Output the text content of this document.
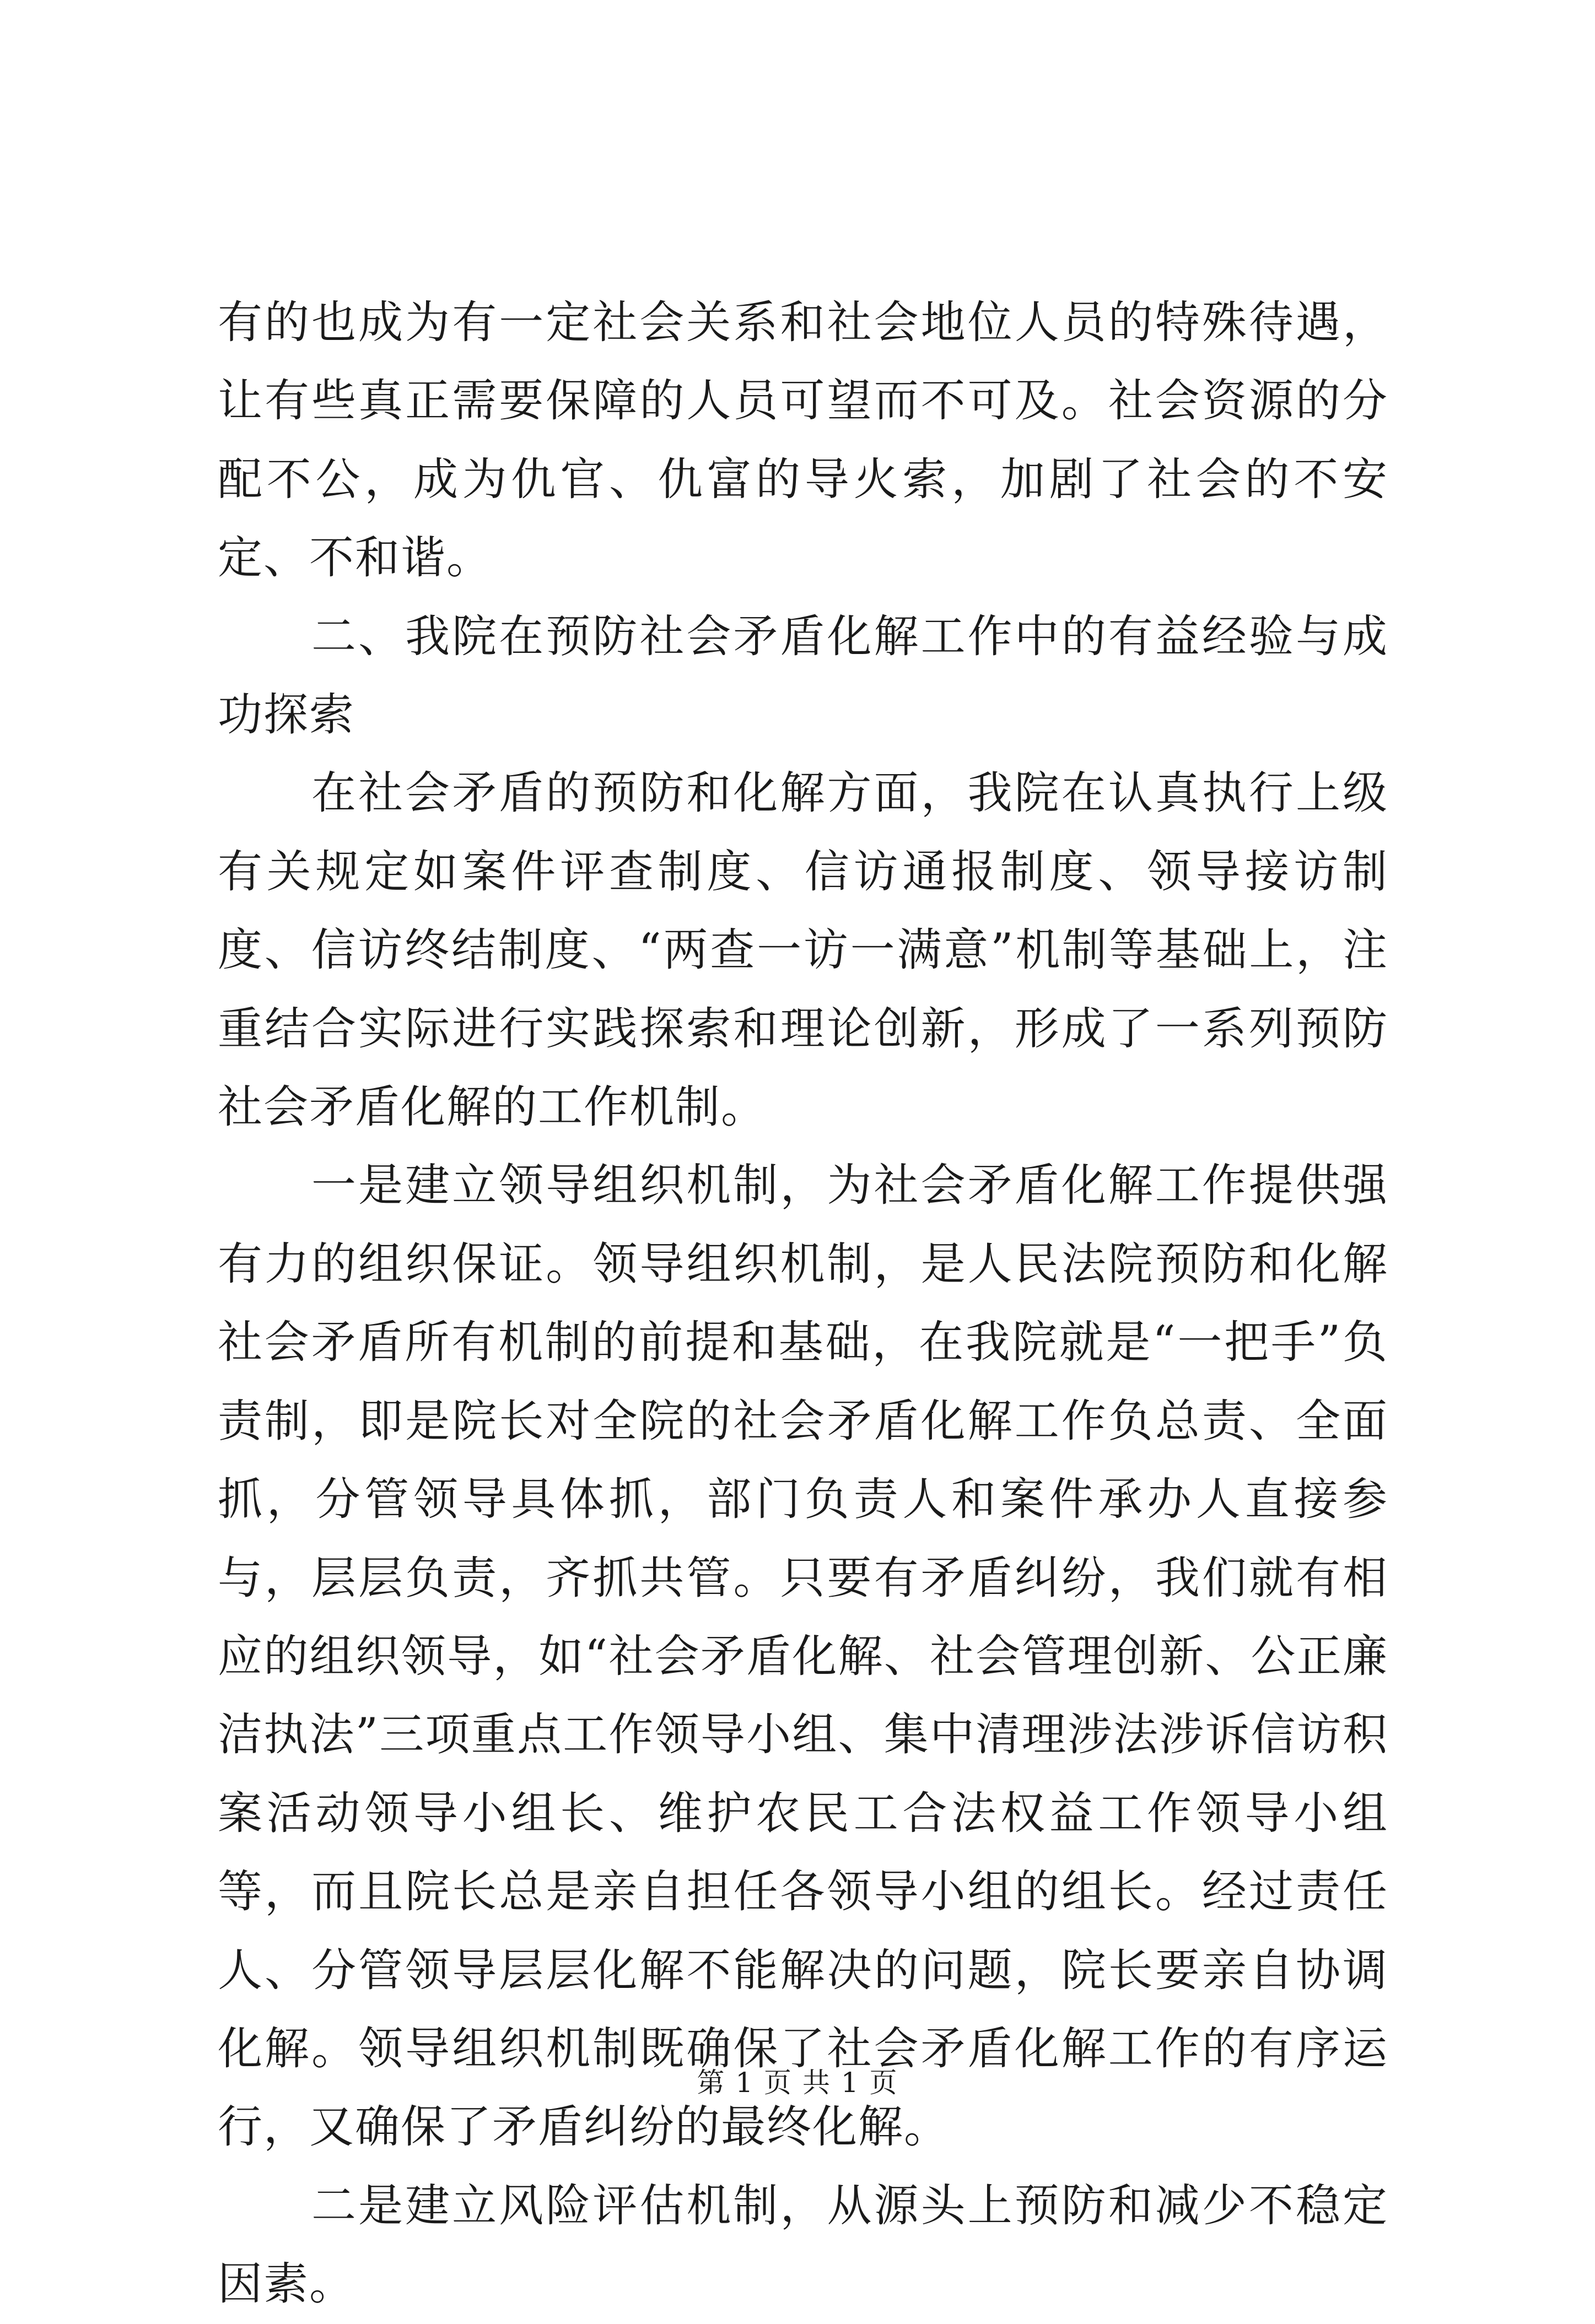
有的也成为有一定社会关系和社会地位人员的特殊待遇，让有些真正需要保障的人员可望而不可及。社会资源的分配不公，成为仇官、仇富的导火索，加剧了社会的不安定、不和谐。

二、我院在预防社会矛盾化解工作中的有益经验与成功探索

在社会矛盾的预防和化解方面，我院在认真执行上级有关规定如案件评查制度、信访通报制度、领导接访制度、信访终结制度、“两查一访一满意”机制等基础上，注重结合实际进行实践探索和理论创新，形成了一系列预防社会矛盾化解的工作机制。

一是建立领导组织机制，为社会矛盾化解工作提供强有力的组织保证。领导组织机制，是人民法院预防和化解社会矛盾所有机制的前提和基础，在我院就是“一把手”负责制，即是院长对全院的社会矛盾化解工作负总责、全面抓，分管领导具体抓，部门负责人和案件承办人直接参与，层层负责，齐抓共管。只要有矛盾纠纷，我们就有相应的组织领导，如“社会矛盾化解、社会管理创新、公正廉洁执法”三项重点工作领导小组、集中清理涉法涉诉信访积案活动领导小组长、维护农民工合法权益工作领导小组等，而且院长总是亲自担任各领导小组的组长。经过责任人、分管领导层层化解不能解决的问题，院长要亲自协调化解。领导组织机制既确保了社会矛盾化解工作的有序运行，又确保了矛盾纠纷的最终化解。

二是建立风险评估机制，从源头上预防和减少不稳定因素。

第 1 页 共 1 页
